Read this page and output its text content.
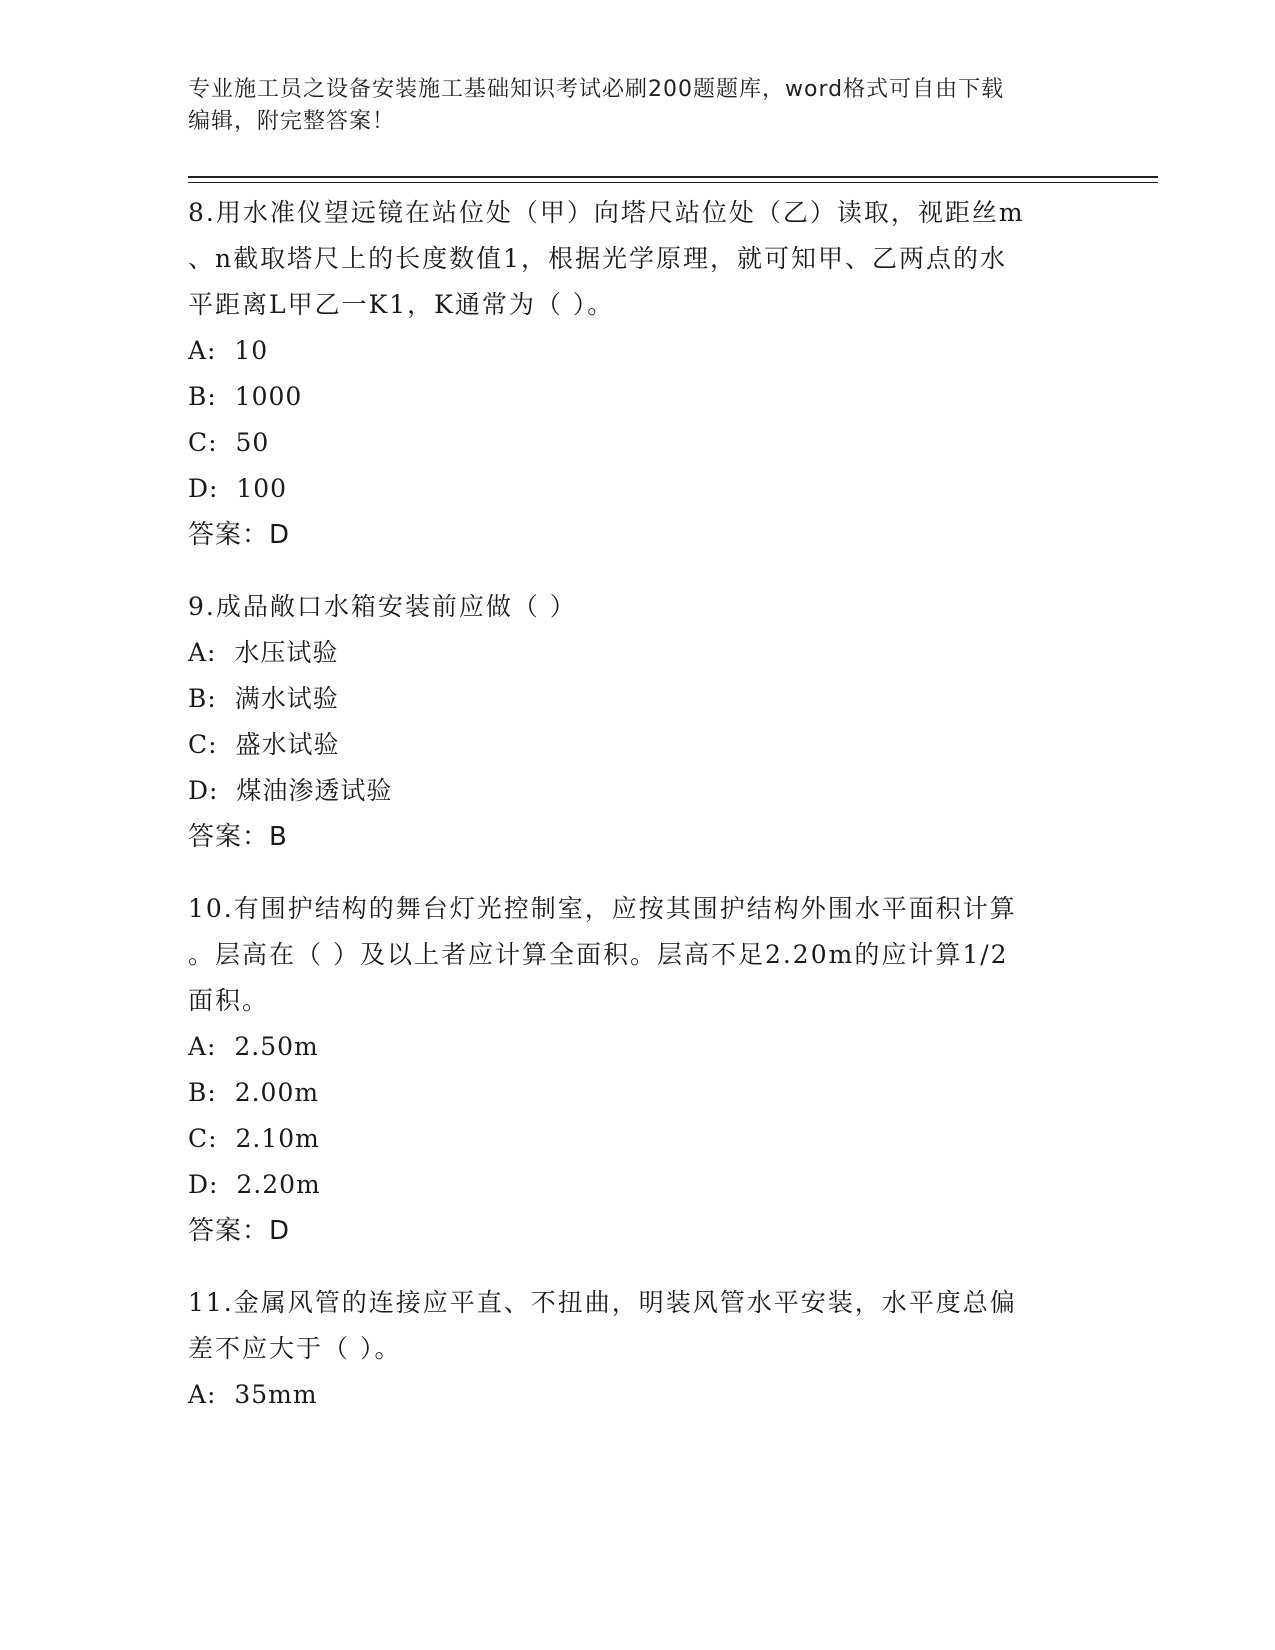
专业施工员之设备安装施工基础知识考试必刷200题题库，word格式可自由下载
编辑，附完整答案！

8.用水准仪望远镜在站位处（甲）向塔尺站位处（乙）读取，视距丝m

、n截取塔尺上的长度数值1，根据光学原理，就可知甲、乙两点的水

平距离L甲乙一K1，K通常为（ ）。

A:  10

B:  1000

C:  50

D:  100

答案：D

9.成品敞口水箱安装前应做（ ）

A:  水压试验

B:  满水试验

C:  盛水试验

D:  煤油渗透试验

答案：B

10.有围护结构的舞台灯光控制室，应按其围护结构外围水平面积计算

。层高在（ ）及以上者应计算全面积。层高不足2.20m的应计算1/2

面积。

A:  2.50m

B:  2.00m

C:  2.10m

D:  2.20m

答案：D

11.金属风管的连接应平直、不扭曲，明装风管水平安装，水平度总偏

差不应大于（ ）。

A:  35mm
